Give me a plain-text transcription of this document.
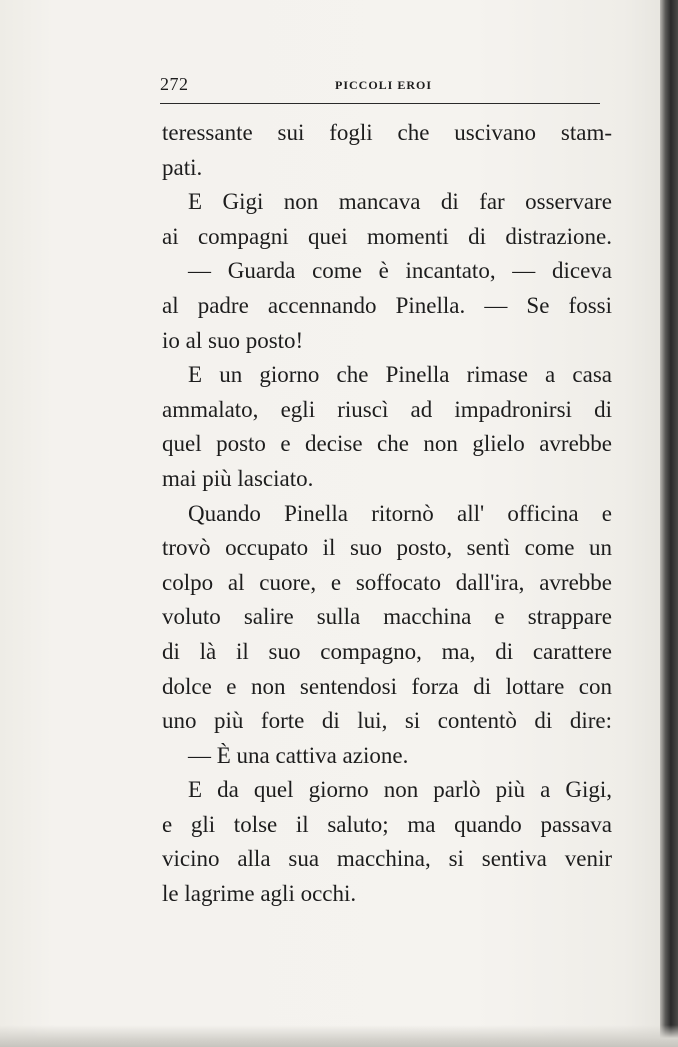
272	PICCOLI EROI
teressante sui fogli che uscivano stam-
pati.
E Gigi non mancava di far osservare
ai compagni quei momenti di distrazione.
— Guarda come è incantato, — diceva
al padre accennando Pinella. — Se fossi
io al suo posto!
E un giorno che Pinella rimase a casa
ammalato, egli riuscì ad impadronirsi di
quel posto e decise che non glielo avrebbe
mai più lasciato.
Quando Pinella ritornò all' officina e
trovò occupato il suo posto, sentì come un
colpo al cuore, e soffocato dall'ira, avrebbe
voluto salire sulla macchina e strappare
di là il suo compagno, ma, di carattere
dolce e non sentendosi forza di lottare con
uno più forte di lui, si contentò di dire:
— È una cattiva azione.
E da quel giorno non parlò più a Gigi,
e gli tolse il saluto; ma quando passava
vicino alla sua macchina, si sentiva venir
le lagrime agli occhi.
